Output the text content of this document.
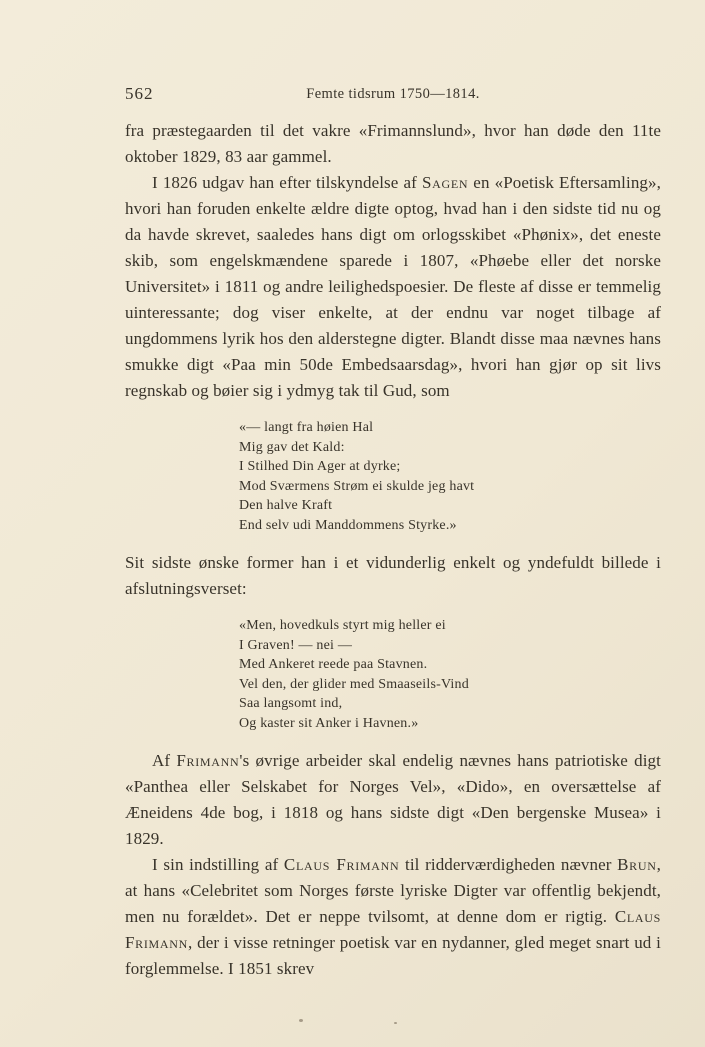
562	Femte tidsrum 1750—1814.

fra præstegaarden til det vakre «Frimannslund», hvor han døde den 11te oktober 1829, 83 aar gammel.

I 1826 udgav han efter tilskyndelse af Sagen en «Poetisk Eftersamling», hvori han foruden enkelte ældre digte optog, hvad han i den sidste tid nu og da havde skrevet, saaledes hans digt om orlogsskibet «Phønix», det eneste skib, som engelskmændene sparede i 1807, «Phøebe eller det norske Universitet» i 1811 og andre leilighedspoesier. De fleste af disse er temmelig uinteressante; dog viser enkelte, at der endnu var noget tilbage af ungdommens lyrik hos den alderstegne digter. Blandt disse maa nævnes hans smukke digt «Paa min 50de Embedsaarsdag», hvori han gjør op sit livs regnskab og bøier sig i ydmyg tak til Gud, som

«— langt fra høien Hal
Mig gav det Kald:
I Stilhed Din Ager at dyrke;
Mod Sværmens Strøm ei skulde jeg havt
Den halve Kraft
End selv udi Manddommens Styrke.»

Sit sidste ønske former han i et vidunderlig enkelt og yndefuldt billede i afslutningsverset:

«Men, hovedkuls styrt mig heller ei
I Graven! — nei —
Med Ankeret reede paa Stavnen.
Vel den, der glider med Smaaseils-Vind
Saa langsomt ind,
Og kaster sit Anker i Havnen.»

Af Frimann's øvrige arbeider skal endelig nævnes hans patriotiske digt «Panthea eller Selskabet for Norges Vel», «Dido», en oversættelse af Æneidens 4de bog, i 1818 og hans sidste digt «Den bergenske Musea» i 1829.

I sin indstilling af Claus Frimann til ridderværdigheden nævner Brun, at hans «Celebritet som Norges første lyriske Digter var offentlig bekjendt, men nu forældet». Det er neppe tvilsomt, at denne dom er rigtig. Claus Frimann, der i visse retninger poetisk var en nydanner, gled meget snart ud i forglemmelse. I 1851 skrev
